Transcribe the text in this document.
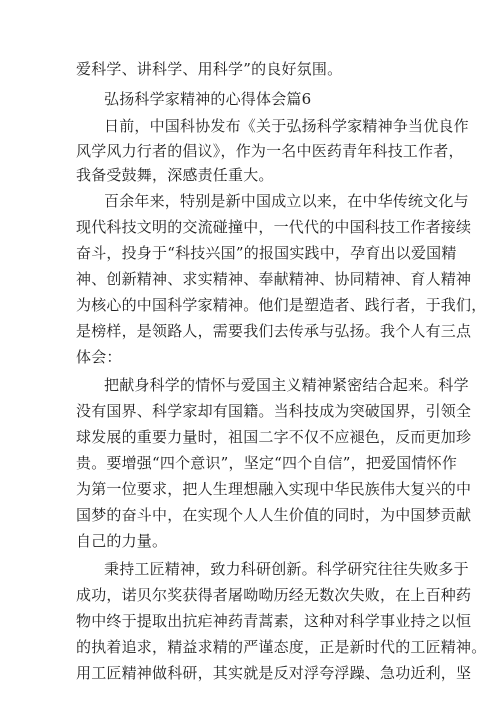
爱科学、讲科学、用科学”的良好氛围。
弘扬科学家精神的心得体会篇6
日前，中国科协发布《关于弘扬科学家精神争当优良作
风学风力行者的倡议》，作为一名中医药青年科技工作者，
我备受鼓舞，深感责任重大。
百余年来，特别是新中国成立以来，在中华传统文化与
现代科技文明的交流碰撞中，一代代的中国科技工作者接续
奋斗，投身于“科技兴国”的报国实践中，孕育出以爱国精
神、创新精神、求实精神、奉献精神、协同精神、育人精神
为核心的中国科学家精神。他们是塑造者、践行者，于我们，
是榜样，是领路人，需要我们去传承与弘扬。我个人有三点
体会：
把献身科学的情怀与爱国主义精神紧密结合起来。科学
没有国界、科学家却有国籍。当科技成为突破国界，引领全
球发展的重要力量时，祖国二字不仅不应褪色，反而更加珍
贵。要增强“四个意识”，坚定“四个自信”，把爱国情怀作
为第一位要求，把人生理想融入实现中华民族伟大复兴的中
国梦的奋斗中，在实现个人人生价值的同时，为中国梦贡献
自己的力量。
秉持工匠精神，致力科研创新。科学研究往往失败多于
成功，诺贝尔奖获得者屠呦呦历经无数次失败，在上百种药
物中终于提取出抗疟神药青蒿素，这种对科学事业持之以恒
的执着追求，精益求精的严谨态度，正是新时代的工匠精神。
用工匠精神做科研，其实就是反对浮夸浮躁、急功近利，坚
